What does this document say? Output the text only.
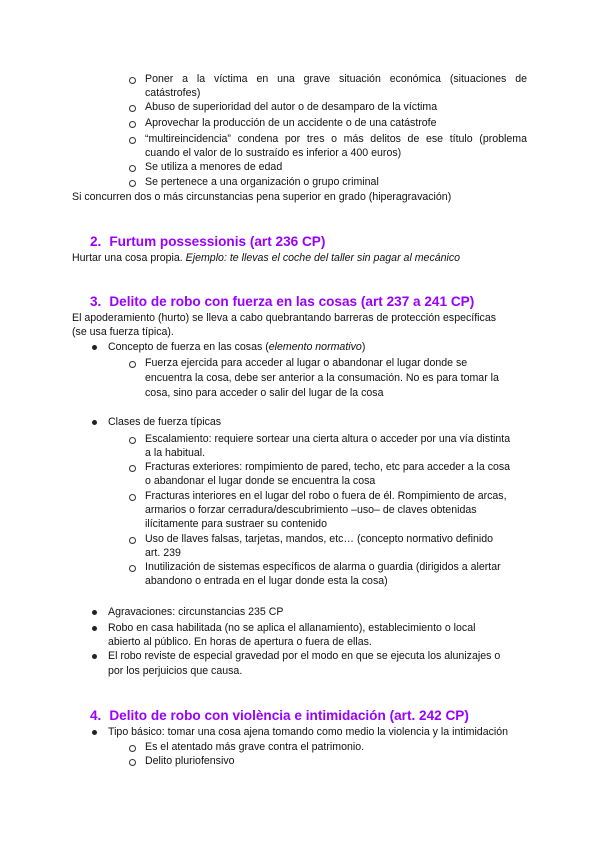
Poner a la víctima en una grave situación económica (situaciones de
catástrofes)
Abuso de superioridad del autor o de desamparo de la víctima
Aprovechar la producción de un accidente o de una catástrofe
“multireincidencia” condena por tres o más delitos de ese título (problema
cuando el valor de lo sustraído es inferior a 400 euros)
Se utiliza a menores de edad
Se pertenece a una organización o grupo criminal
Si concurren dos o más circunstancias pena superior en grado (hiperagravación)
2. Furtum possessionis (art 236 CP)
Hurtar una cosa propia. Ejemplo: te llevas el coche del taller sin pagar al mecánico
3. Delito de robo con fuerza en las cosas (art 237 a 241 CP)
El apoderamiento (hurto) se lleva a cabo quebrantando barreras de protección específicas
(se usa fuerza típica).
Concepto de fuerza en las cosas (elemento normativo)
Fuerza ejercida para acceder al lugar o abandonar el lugar donde se
encuentra la cosa, debe ser anterior a la consumación. No es para tomar la
cosa, sino para acceder o salir del lugar de la cosa
Clases de fuerza típicas
Escalamiento: requiere sortear una cierta altura o acceder por una vía distinta
a la habitual.
Fracturas exteriores: rompimiento de pared, techo, etc para acceder a la cosa
o abandonar el lugar donde se encuentra la cosa
Fracturas interiores en el lugar del robo o fuera de él. Rompimiento de arcas,
armarios o forzar cerradura/descubrimiento –uso– de claves obtenidas
ilícitamente para sustraer su contenido
Uso de llaves falsas, tarjetas, mandos, etc… (concepto normativo definido
art. 239
Inutilización de sistemas específicos de alarma o guardia (dirigidos a alertar
abandono o entrada en el lugar donde esta la cosa)
Agravaciones: circunstancias 235 CP
Robo en casa habilitada (no se aplica el allanamiento), establecimiento o local
abierto al público. En horas de apertura o fuera de ellas.
El robo reviste de especial gravedad por el modo en que se ejecuta los alunizajes o
por los perjuicios que causa.
4. Delito de robo con violència e intimidación (art. 242 CP)
Tipo básico: tomar una cosa ajena tomando como medio la violencia y la intimidación
Es el atentado más grave contra el patrimonio.
Delito pluriofensivo
